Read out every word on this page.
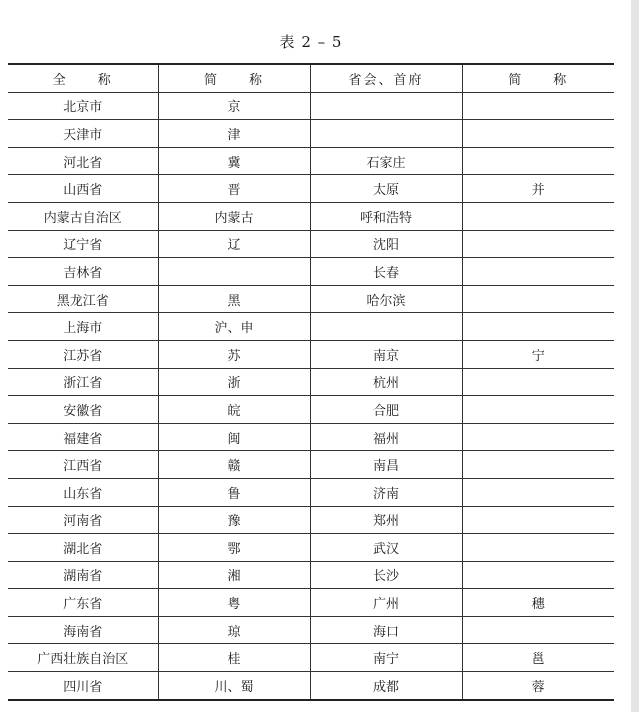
表 2 – 5
全　　称	简　　称	省会、首府	简　　称
北京市	京		
天津市	津		
河北省	冀	石家庄	
山西省	晋	太原	并
内蒙古自治区	内蒙古	呼和浩特	
辽宁省	辽	沈阳	
吉林省		长春	
黑龙江省	黑	哈尔滨	
上海市	沪、申		
江苏省	苏	南京	宁
浙江省	浙	杭州	
安徽省	皖	合肥	
福建省	闽	福州	
江西省	赣	南昌	
山东省	鲁	济南	
河南省	豫	郑州	
湖北省	鄂	武汉	
湖南省	湘	长沙	
广东省	粤	广州	穗
海南省	琼	海口	
广西壮族自治区	桂	南宁	邕
四川省	川、蜀	成都	蓉
